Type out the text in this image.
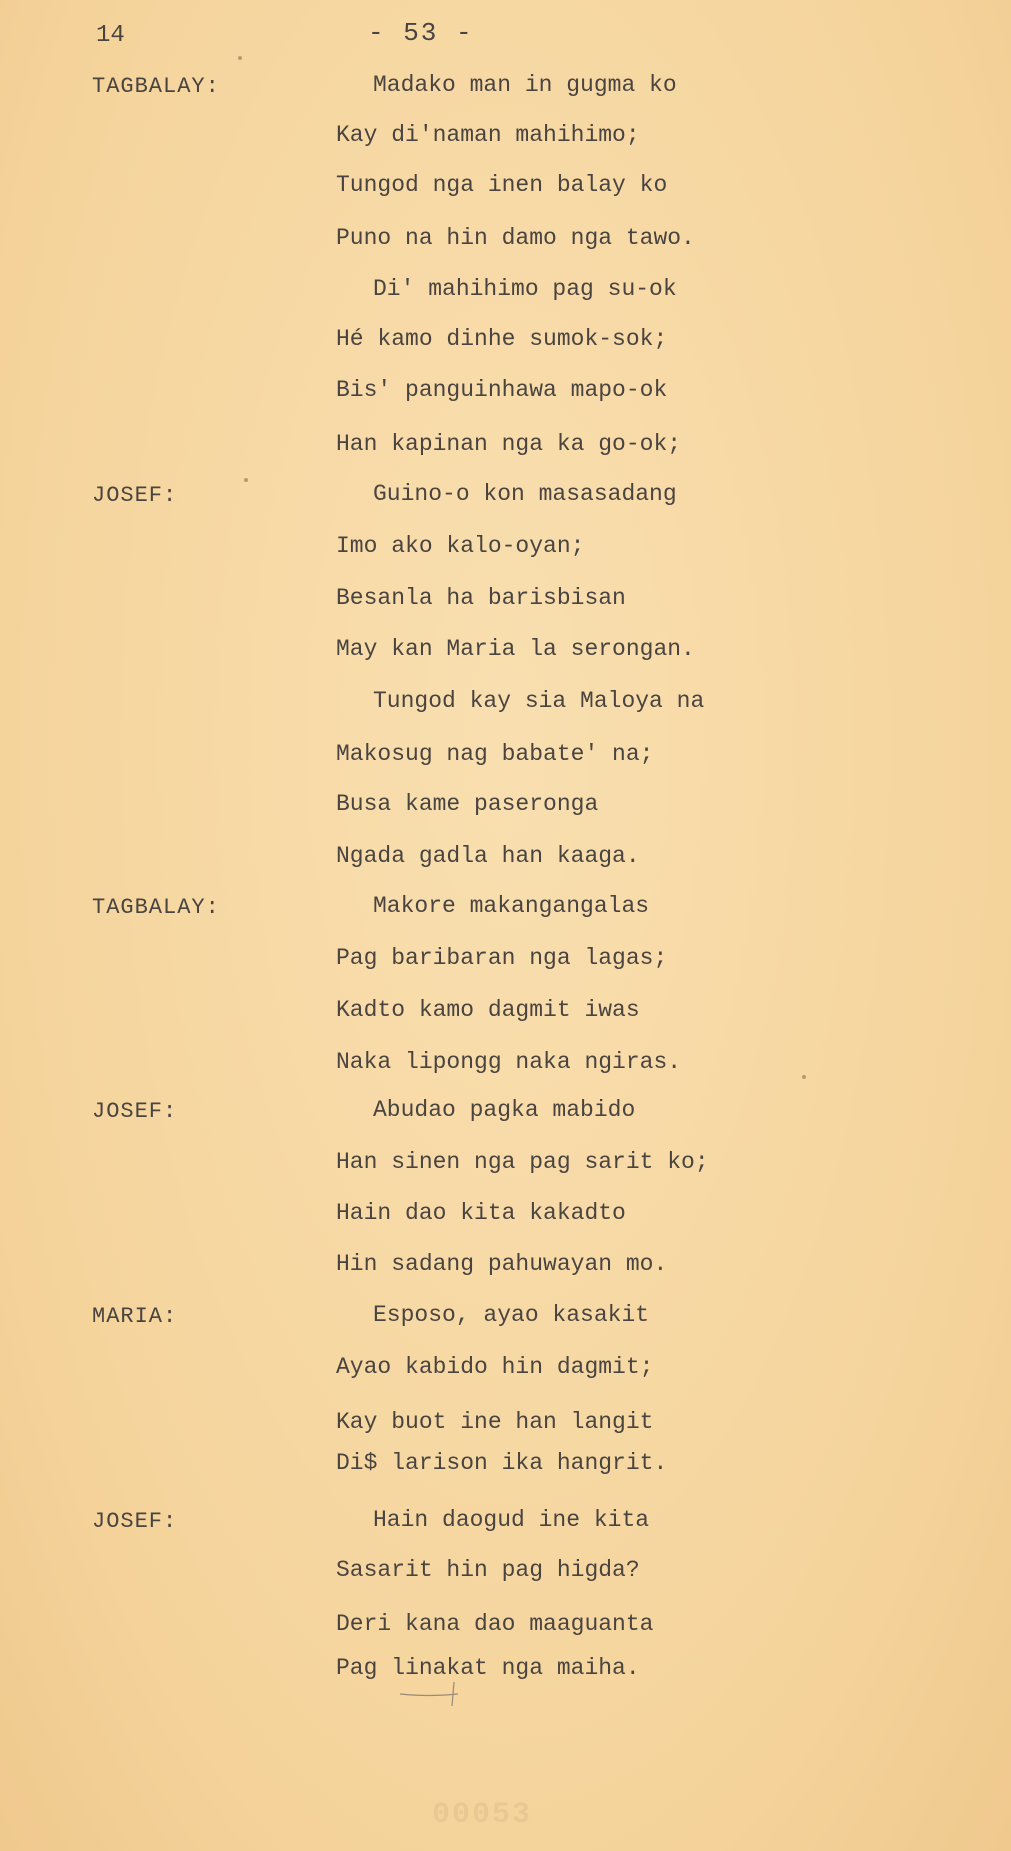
14	- 53 -
TAGBALAY:	Madako man in gugma ko
Kay di'naman mahihimo;
Tungod nga inen balay ko
Puno na hin damo nga tawo.
Di' mahihimo pag su-ok
Hé kamo dinhe sumok-sok;
Bis' panguinhawa mapo-ok
Han kapinan nga ka go-ok;
JOSEF:	Guino-o kon masasadang
Imo ako kalo-oyan;
Besanla ha barisbisan
May kan Maria la serongan.
Tungod kay sia Maloya na
Makosug nag babate' na;
Busa kame paseronga
Ngada gadla han kaaga.
TAGBALAY:	Makore makangangalas
Pag baribaran nga lagas;
Kadto kamo dagmit iwas
Naka lipongg naka ngiras.
JOSEF:	Abudao pagka mabido
Han sinen nga pag sarit ko;
Hain dao kita kakadto
Hin sadang pahuwayan mo.
MARIA:	Esposo, ayao kasakit
Ayao kabido hin dagmit;
Kay buot ine han langit
Di$ larison ika hangrit.
JOSEF:	Hain daogud ine kita
Sasarit hin pag higda?
Deri kana dao maaguanta
Pag linakat nga maiha.
00053
